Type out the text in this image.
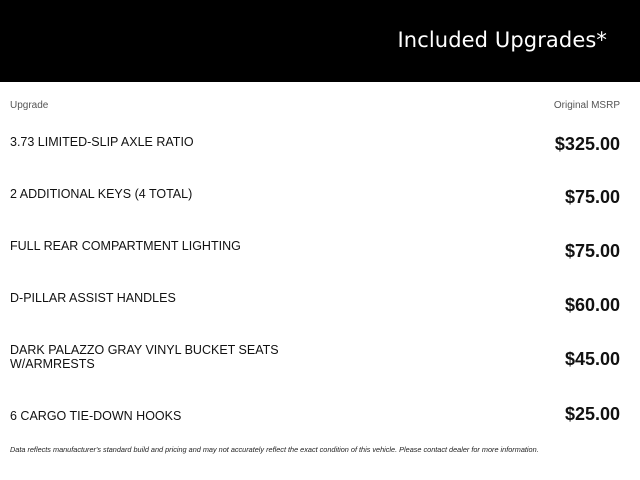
Included Upgrades*
Upgrade	Original MSRP
3.73 LIMITED-SLIP AXLE RATIO	$325.00
2 ADDITIONAL KEYS (4 TOTAL)	$75.00
FULL REAR COMPARTMENT LIGHTING	$75.00
D-PILLAR ASSIST HANDLES	$60.00
DARK PALAZZO GRAY VINYL BUCKET SEATS W/ARMRESTS	$45.00
6 CARGO TIE-DOWN HOOKS	$25.00
Data reflects manufacturer's standard build and pricing and may not accurately reflect the exact condition of this vehicle. Please contact dealer for more information.
